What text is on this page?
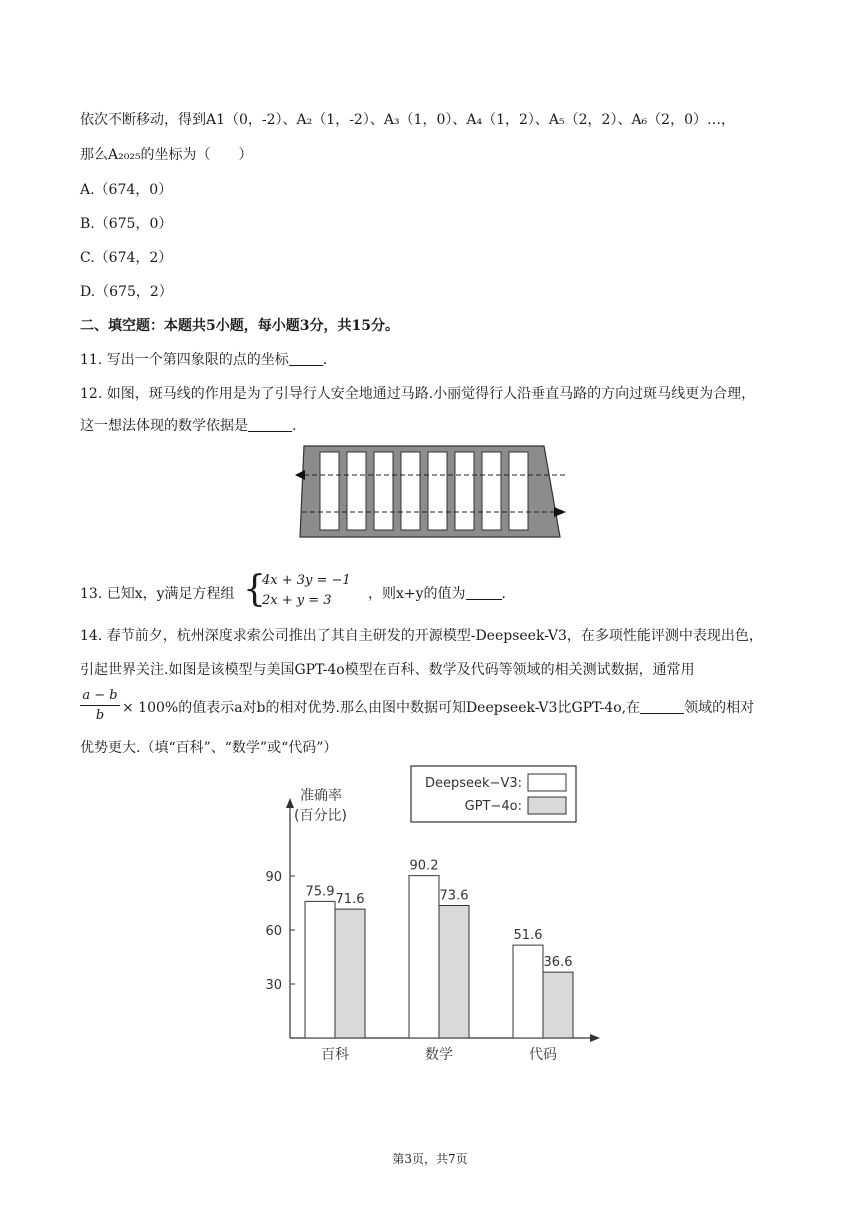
依次不断移动，得到A1（0，-2）、A₂（1，-2）、A₃（1，0）、A₄（1，2）、A₅（2，2）、A₆（2，0）…，
那么A₂₀₂₅的坐标为（　　）
A.（674，0）
B.（675，0）
C.（674，2）
D.（675，2）
二、填空题：本题共5小题，每小题3分，共15分。
11. 写出一个第四象限的点的坐标 .
12. 如图，斑马线的作用是为了引导行人安全地通过马路.小丽觉得行人沿垂直马路的方向过斑马线更为合理，
这一想法体现的数学依据是	.
13. 已知x，y满足方程组 {
4x + 3y = −1
2x + y = 3	，则x+y的值为	.
14. 春节前夕，杭州深度求索公司推出了其自主研发的开源模型-Deepseek-V3，在多项性能评测中表现出色，
引起世界关注.如图是该模型与美国GPT-4o模型在百科、数学及代码等领域的相关测试数据，通常用
$\frac{a - b}{b} \times 100\%$的值表示a对b的相对优势.那么由图中数据可知Deepseek-V3比GPT-4o,在	领域的相对
优势更大.（填“百科”、“数学”或“代码”）
准确率
(百分比)
30
60
90
75.9
71.6
百科
90.2
73.6
数学
51.6
36.6
代码
Deepseek−V3:
GPT−4o:
第3页，共7页
